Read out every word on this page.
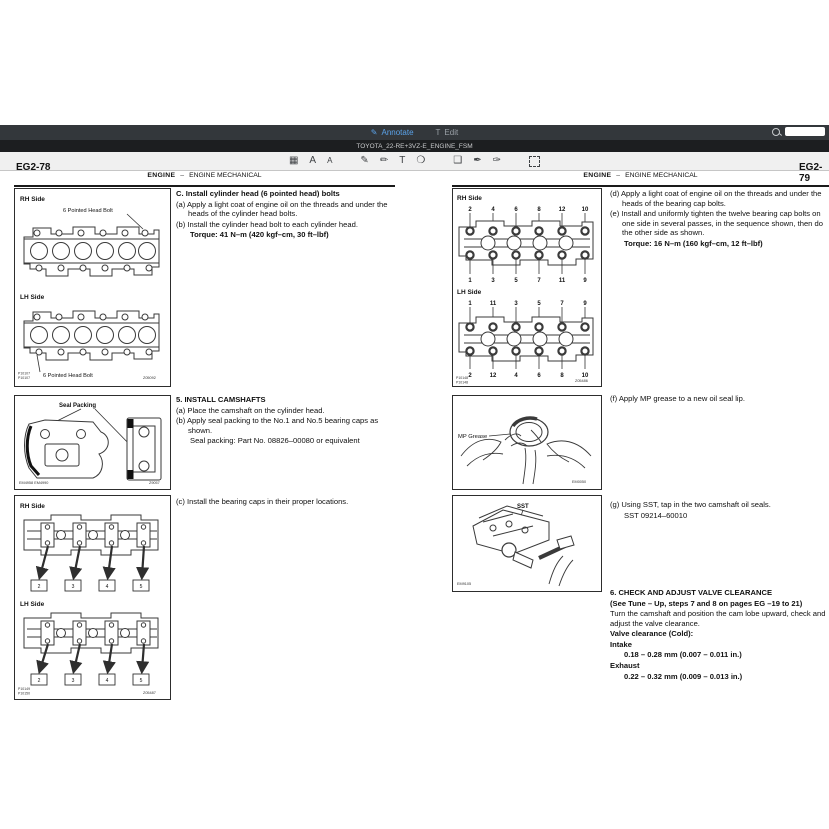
✎ Annotate	T Edit
TOYOTA_22-RE+3VZ-E_ENGINE_FSM
▦ A A	✎ ✏ T ❍	❑ ✒ ✑
EG2-78
ENGINE – ENGINE MECHANICAL
RH Side
6 Pointed Head Bolt
LH Side
P10107
P10107 6 Pointed Head Bolt	Z05092

C. Install cylinder head (6 pointed head) bolts

(a) Apply a light coat of engine oil on the threads and under the heads of the cylinder head bolts.

(b) Install the cylinder head bolt to each cylinder head.

Torque: 41 N–m (420 kgf–cm, 30 ft–lbf)

Seal Packing
EM4958 EM4990	Z9057

5. INSTALL CAMSHAFTS

(a) Place the camshaft on the cylinder head.

(b) Apply seal packing to the No.1 and No.5 bearing caps as shown.

Seal packing: Part No. 08826–00080 or equivalent

(c) Install the bearing caps in their proper locations.

RH Side
2	3	4	5
LH Side
2	3	4	5
P10149
P10150	Z05487
EG2-79
ENGINE – ENGINE MECHANICAL
RH Side
2	4	6	8	12	10
1	3	5	7	11	9
LH Side
1	11	3	5	7	9
2	12	4	6	8	10
P10148
P10148	Z05486

(d) Apply a light coat of engine oil on the threads and under the heads of the bearing cap bolts.

(e) Install and uniformly tighten the twelve bearing cap bolts on one side in several passes, in the sequence shown, then do the other side as shown.

Torque: 16 N–m (160 kgf–cm, 12 ft–lbf)

(f) Apply MP grease to a new oil seal lip.

MP Grease
EM0050
SST
EM9105

(g) Using SST, tap in the two camshaft oil seals.

SST 09214–60010

6. CHECK AND ADJUST VALVE CLEARANCE

(See Tune – Up, steps 7 and 8 on pages EG –19 to 21)

Turn the camshaft and position the cam lobe upward, check and adjust the valve clearance.

Valve clearance (Cold):

Intake

0.18 – 0.28 mm (0.007 – 0.011 in.)

Exhaust

0.22 – 0.32 mm (0.009 – 0.013 in.)
